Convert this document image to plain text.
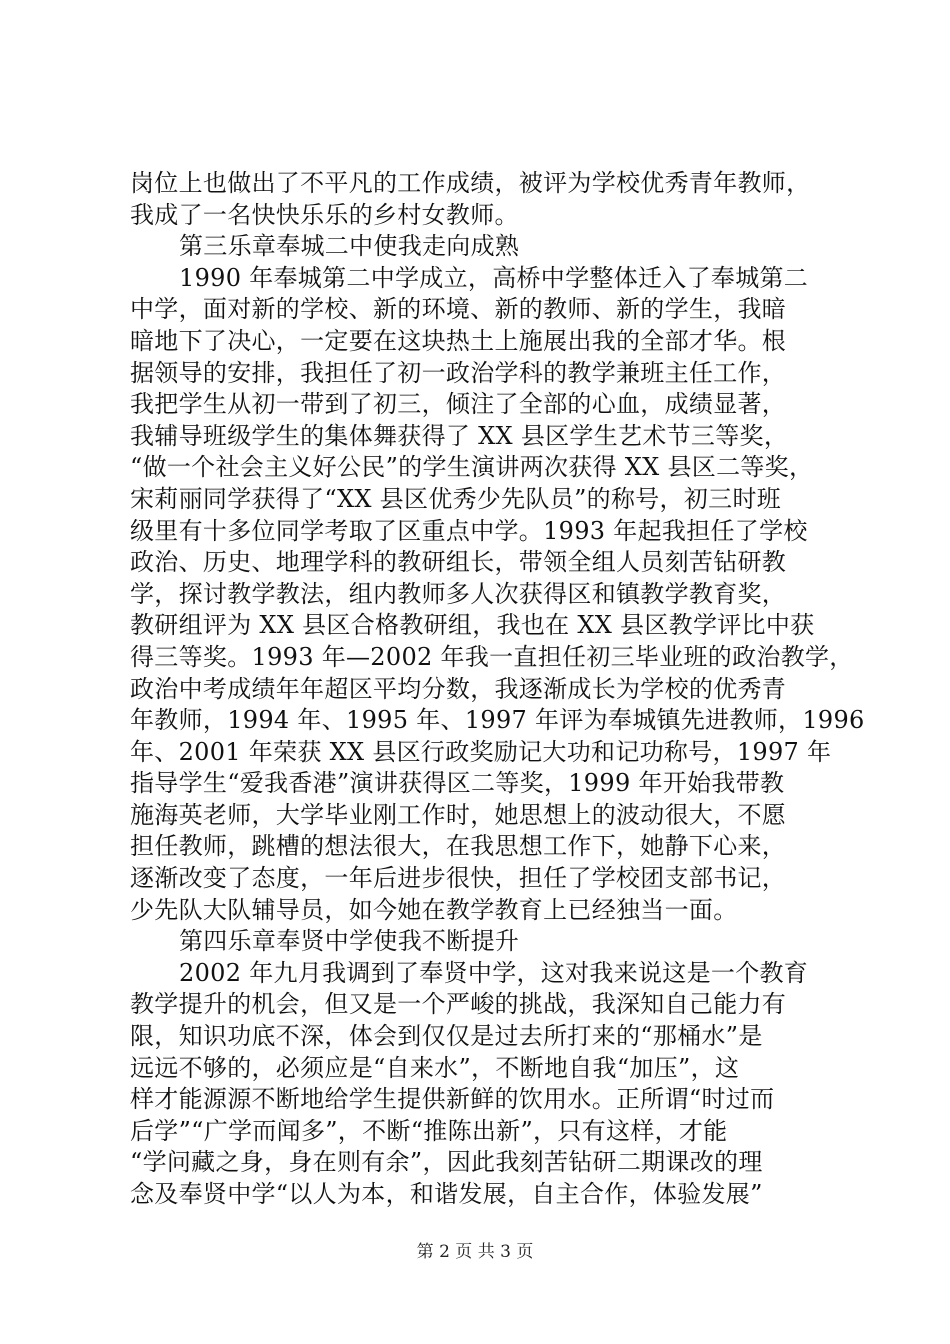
岗位上也做出了不平凡的工作成绩，被评为学校优秀青年教师，
我成了一名快快乐乐的乡村女教师。
第三乐章奉城二中使我走向成熟
1990 年奉城第二中学成立，高桥中学整体迁入了奉城第二
中学，面对新的学校、新的环境、新的教师、新的学生，我暗
暗地下了决心，一定要在这块热土上施展出我的全部才华。根
据领导的安排，我担任了初一政治学科的教学兼班主任工作，
我把学生从初一带到了初三，倾注了全部的心血，成绩显著，
我辅导班级学生的集体舞获得了 XX 县区学生艺术节三等奖，
“做一个社会主义好公民”的学生演讲两次获得 XX 县区二等奖，
宋莉丽同学获得了“XX 县区优秀少先队员”的称号，初三时班
级里有十多位同学考取了区重点中学。1993 年起我担任了学校
政治、历史、地理学科的教研组长，带领全组人员刻苦钻研教
学，探讨教学教法，组内教师多人次获得区和镇教学教育奖，
教研组评为 XX 县区合格教研组，我也在 XX 县区教学评比中获
得三等奖。1993 年—2002 年我一直担任初三毕业班的政治教学，
政治中考成绩年年超区平均分数，我逐渐成长为学校的优秀青
年教师，1994 年、1995 年、1997 年评为奉城镇先进教师，1996
年、2001 年荣获 XX 县区行政奖励记大功和记功称号，1997 年
指导学生“爱我香港”演讲获得区二等奖，1999 年开始我带教
施海英老师，大学毕业刚工作时，她思想上的波动很大，不愿
担任教师，跳槽的想法很大，在我思想工作下，她静下心来，
逐渐改变了态度，一年后进步很快，担任了学校团支部书记，
少先队大队辅导员，如今她在教学教育上已经独当一面。
第四乐章奉贤中学使我不断提升
2002 年九月我调到了奉贤中学，这对我来说这是一个教育
教学提升的机会，但又是一个严峻的挑战，我深知自己能力有
限，知识功底不深，体会到仅仅是过去所打来的“那桶水”是
远远不够的，必须应是“自来水”，不断地自我“加压”，这
样才能源源不断地给学生提供新鲜的饮用水。正所谓“时过而
后学”“广学而闻多”，不断“推陈出新”，只有这样，才能
“学问藏之身，身在则有余”，因此我刻苦钻研二期课改的理
念及奉贤中学“以人为本，和谐发展，自主合作，体验发展”
第 2 页 共 3 页
